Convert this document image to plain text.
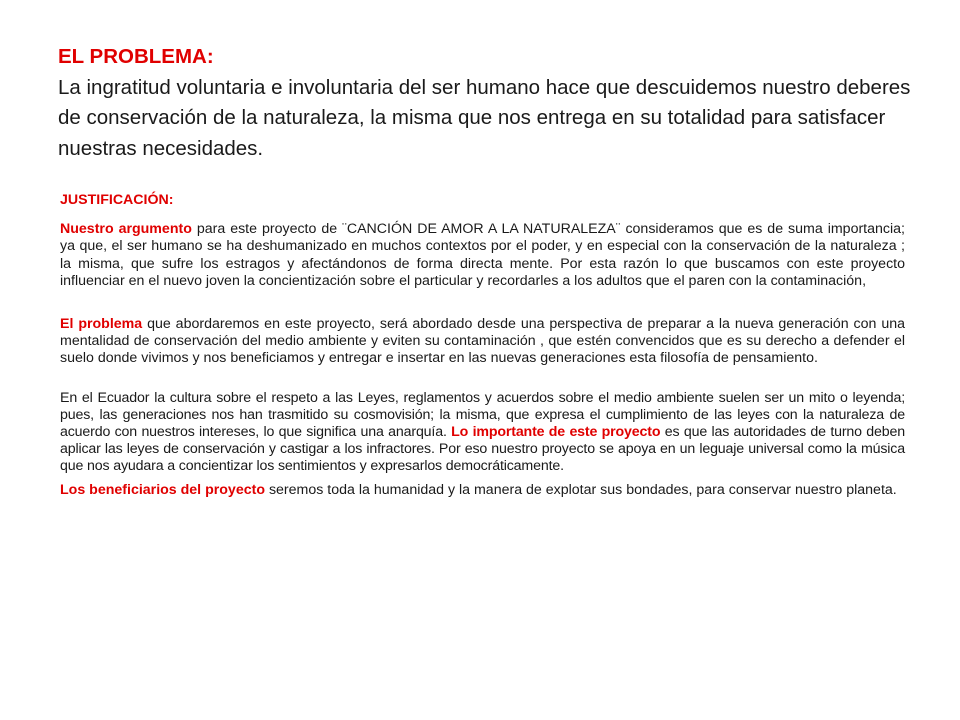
EL PROBLEMA:
La ingratitud voluntaria e involuntaria del ser humano hace que descuidemos nuestro deberes de conservación de la naturaleza, la misma que nos entrega en su totalidad para satisfacer nuestras necesidades.

JUSTIFICACIÓN:

Nuestro argumento para este proyecto de ¨CANCIÓN DE AMOR A LA NATURALEZA¨ consideramos que es de suma importancia; ya que, el ser humano se ha deshumanizado en muchos contextos por el poder, y en especial con la conservación de la naturaleza ; la misma, que sufre los estragos y afectándonos de forma directa mente. Por esta razón lo que buscamos con este proyecto influenciar en el nuevo joven la concientización sobre el particular y recordarles a los adultos que el paren con la contaminación,

El problema que abordaremos en este proyecto, será abordado desde una perspectiva de preparar a la nueva generación con una mentalidad de conservación del medio ambiente y eviten su contaminación , que estén convencidos que es su derecho a defender el suelo donde vivimos y nos beneficiamos y entregar e insertar en las nuevas generaciones esta filosofía de pensamiento.

En el Ecuador la cultura sobre el respeto a las Leyes, reglamentos y acuerdos sobre el medio ambiente suelen ser un mito o leyenda; pues, las generaciones nos han trasmitido su cosmovisión; la misma, que expresa el cumplimiento de las leyes con la naturaleza de acuerdo con nuestros intereses, lo que significa una anarquía. Lo importante de este proyecto es que las autoridades de turno deben aplicar las leyes de conservación y castigar a los infractores. Por eso nuestro proyecto se apoya en un leguaje universal como la música que nos ayudara a concientizar los sentimientos y expresarlos democráticamente.

Los beneficiarios del proyecto seremos toda la humanidad y la manera de explotar sus bondades, para conservar nuestro planeta.
